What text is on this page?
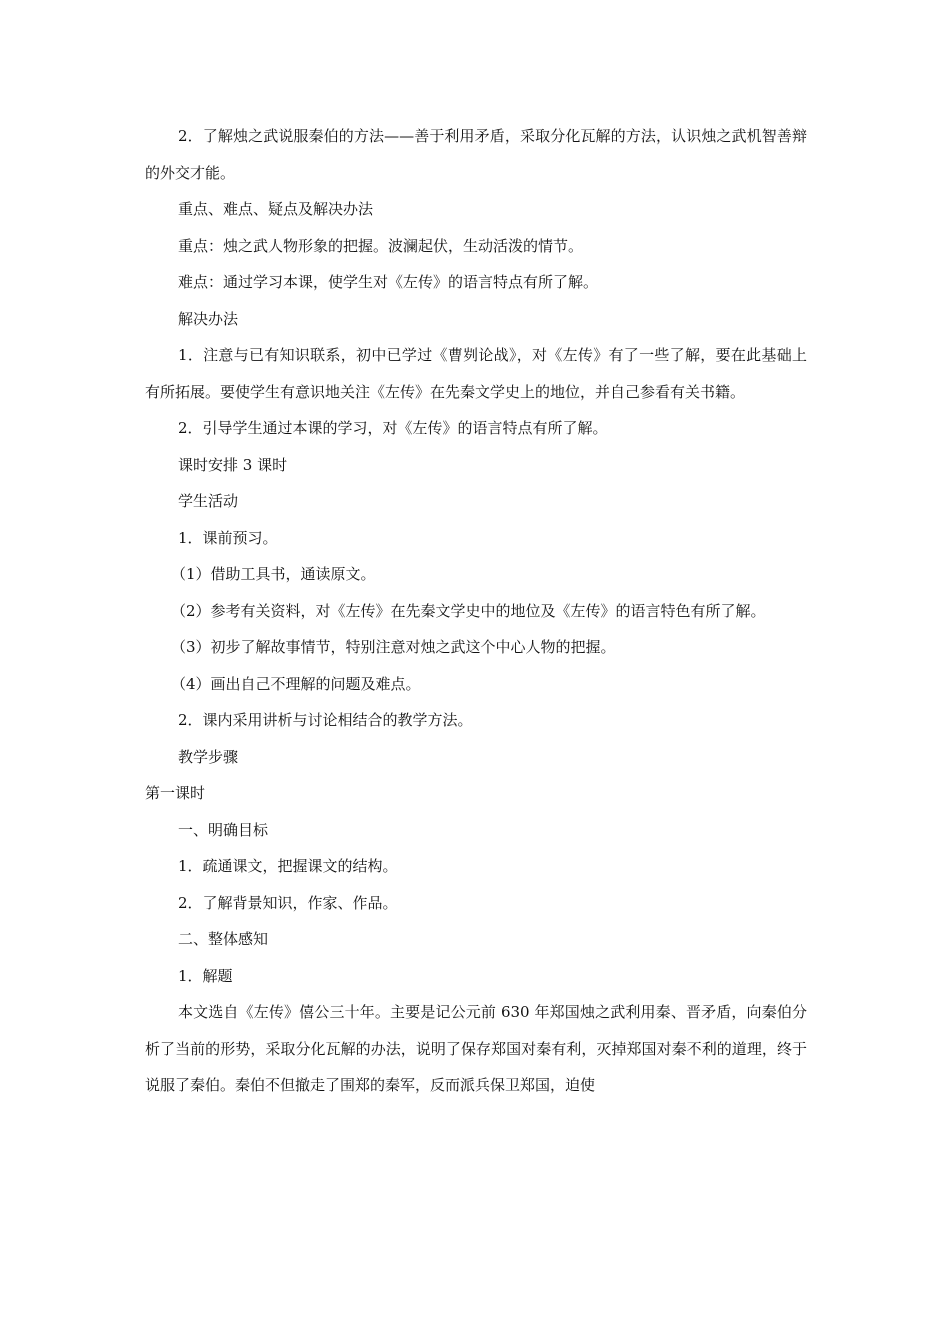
2．了解烛之武说服秦伯的方法——善于利用矛盾，采取分化瓦解的方法，认识烛之武机智善辩的外交才能。

重点、难点、疑点及解决办法

重点：烛之武人物形象的把握。波澜起伏，生动活泼的情节。

难点：通过学习本课，使学生对《左传》的语言特点有所了解。

解决办法

1．注意与已有知识联系，初中已学过《曹刿论战》，对《左传》有了一些了解，要在此基础上有所拓展。要使学生有意识地关注《左传》在先秦文学史上的地位，并自己参看有关书籍。

2．引导学生通过本课的学习，对《左传》的语言特点有所了解。

课时安排 3 课时

学生活动

1．课前预习。

（1）借助工具书，通读原文。

（2）参考有关资料，对《左传》在先秦文学史中的地位及《左传》的语言特色有所了解。

（3）初步了解故事情节，特别注意对烛之武这个中心人物的把握。

（4）画出自己不理解的问题及难点。

2．课内采用讲析与讨论相结合的教学方法。

教学步骤

第一课时

一、明确目标

1．疏通课文，把握课文的结构。

2．了解背景知识，作家、作品。

二、整体感知

1．解题

本文选自《左传》僖公三十年。主要是记公元前 630 年郑国烛之武利用秦、晋矛盾，向秦伯分析了当前的形势，采取分化瓦解的办法，说明了保存郑国对秦有利，灭掉郑国对秦不利的道理，终于说服了秦伯。秦伯不但撤走了围郑的秦军，反而派兵保卫郑国，迫使
